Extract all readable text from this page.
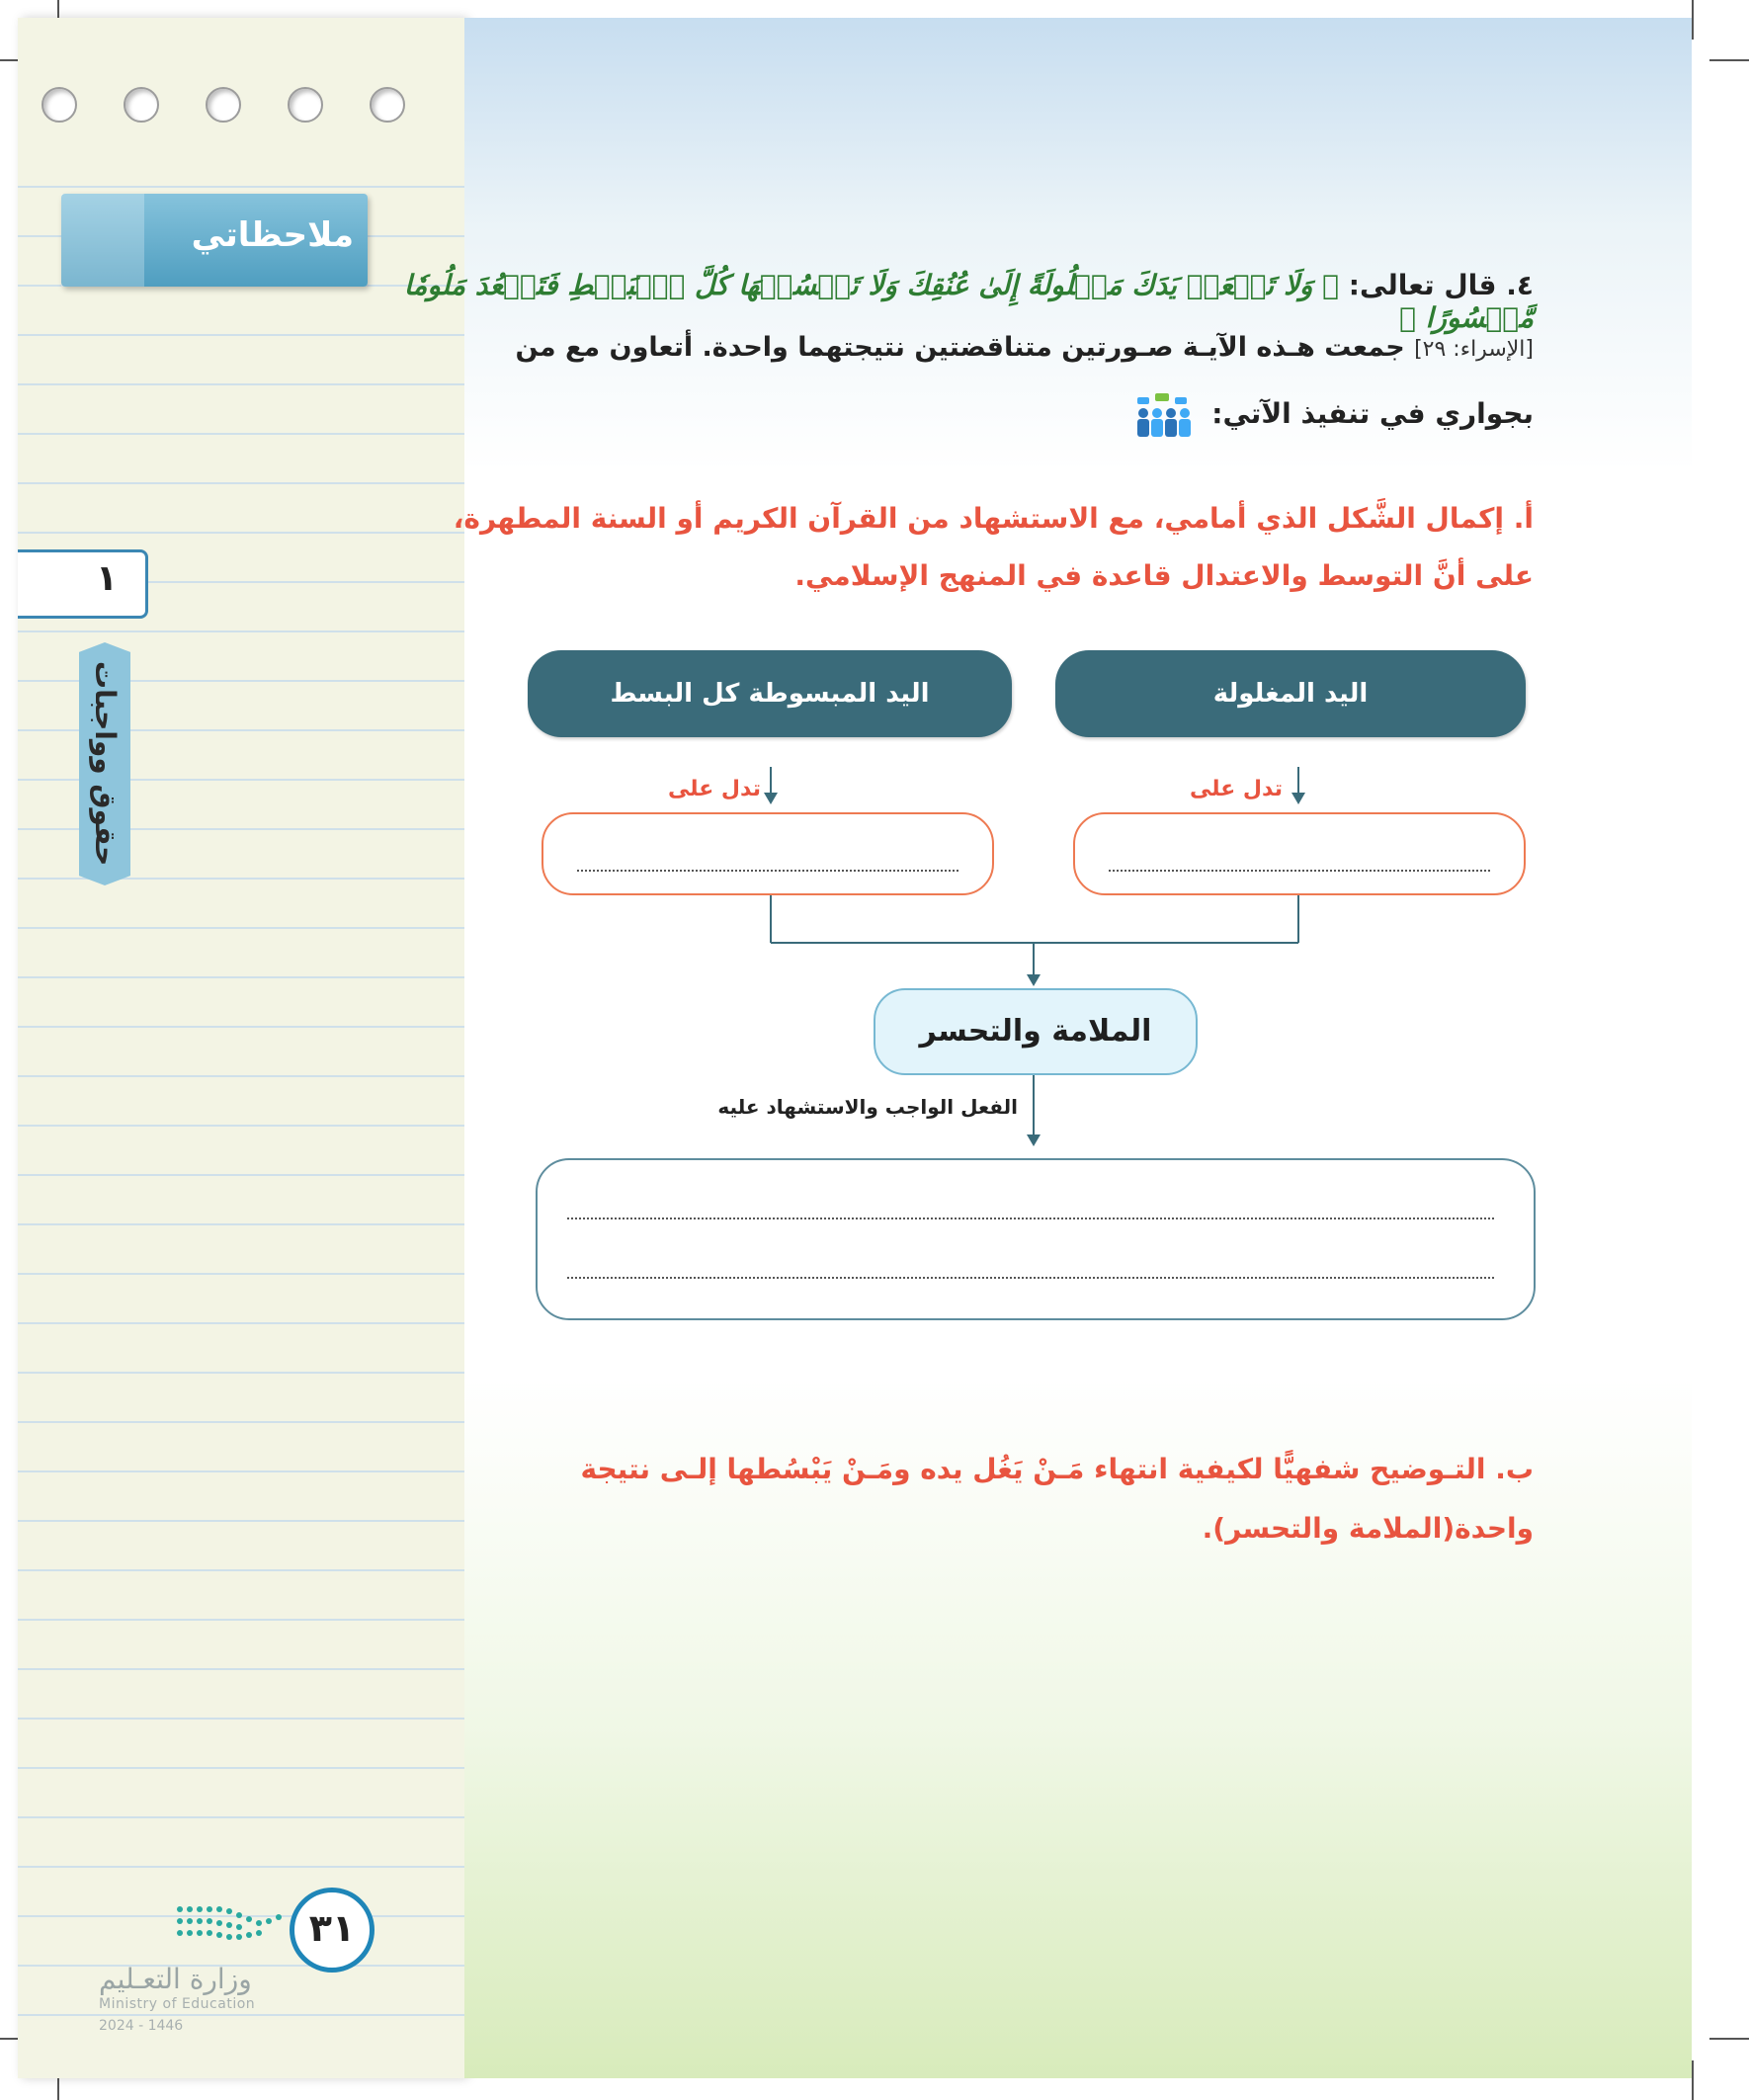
ملاحظاتي
١
حقوق وواجبات
٣١
وزارة التعـليم
Ministry of Education
2024 - 1446
٤. قال تعالى: ﴿ وَلَا تَجۡعَلۡ يَدَكَ مَغۡلُولَةً إِلَىٰ عُنُقِكَ وَلَا تَبۡسُطۡهَا كُلَّ ٱلۡبَسۡطِ فَتَقۡعُدَ مَلُومٗا مَّحۡسُورًا ﴾
[الإسراء: ٢٩] جمعت هـذه الآيـة صـورتين متناقضتين نتيجتهما واحدة. أتعاون مع من
بجواري في تنفيذ الآتي:
أ. إكمال الشَّكل الذي أمامي، مع الاستشهاد من القرآن الكريم أو السنة المطهرة،
على أنَّ التوسط والاعتدال قاعدة في المنهج الإسلامي.
اليد المغلولة
اليد المبسوطة كل البسط
تدل على
تدل على
الملامة والتحسر
الفعل الواجب والاستشهاد عليه
ب. التـوضيح شفهيًّا لكيفية انتهاء مَـنْ يَغُل يده ومَـنْ يَبْسُطها إلـى نتيجة
واحدة(الملامة والتحسر).
